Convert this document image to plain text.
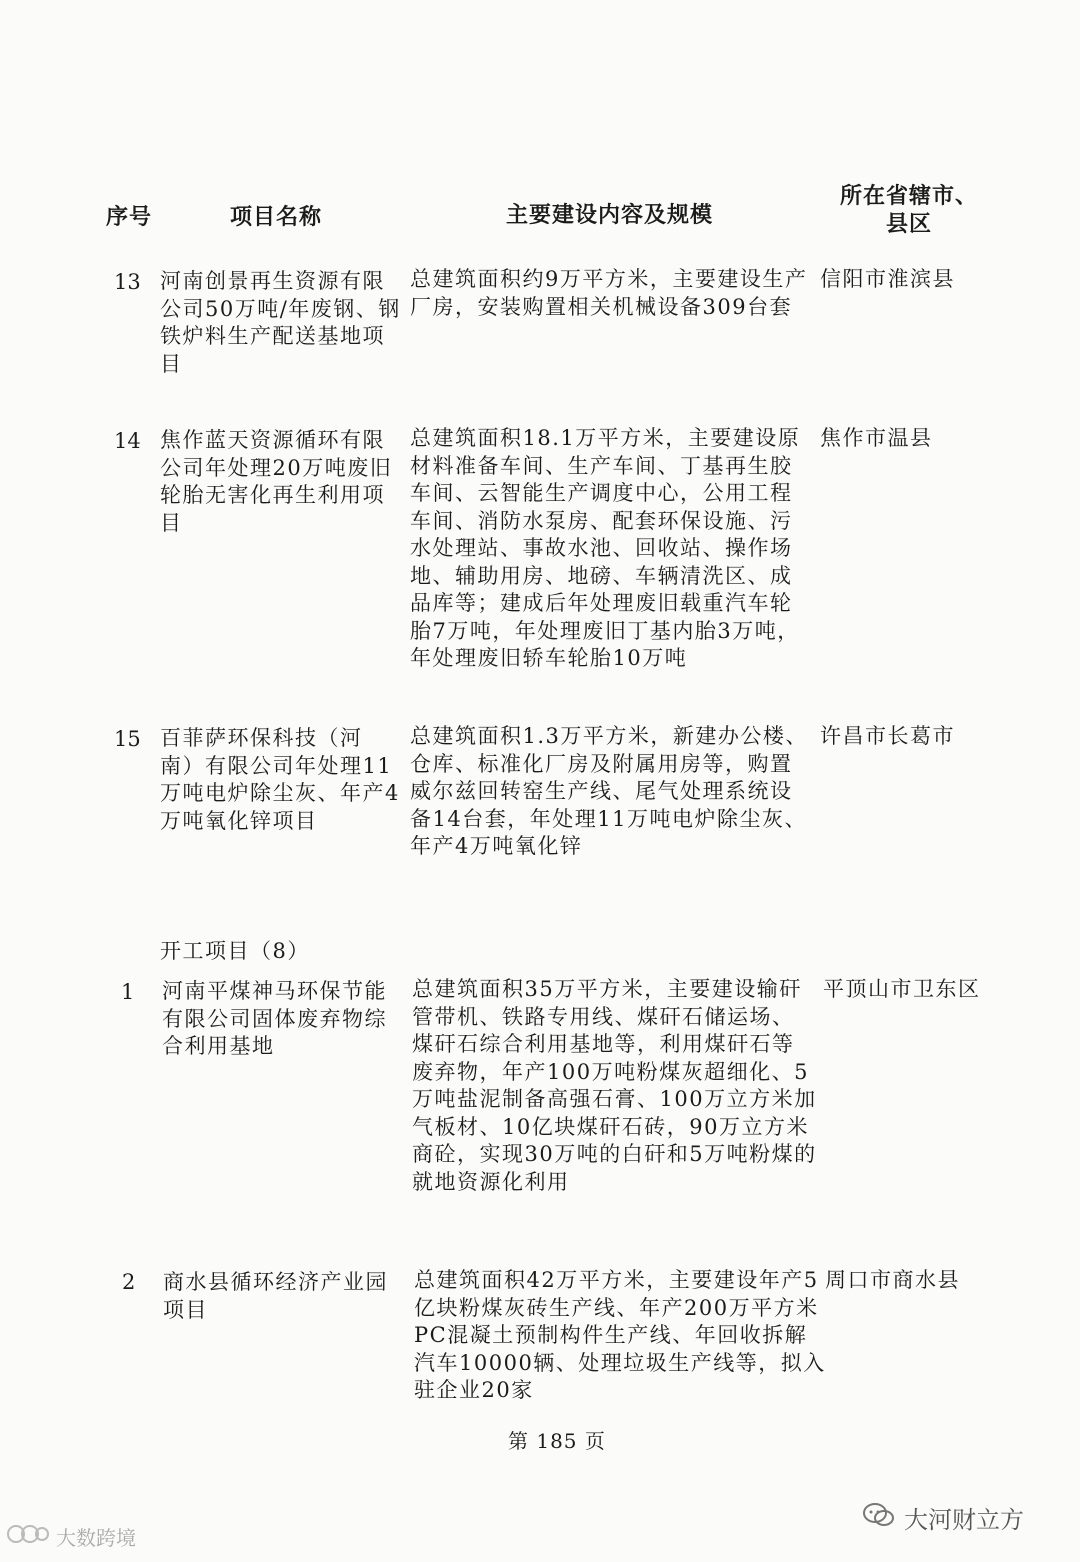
序号	项目名称	主要建设内容及规模
所在省辖市、
县区
13 河南创景再生资源有限
公司50万吨/年废钢、钢
铁炉料生产配送基地项
目
总建筑面积约9万平方米，主要建设生产
厂房，安装购置相关机械设备309台套
信阳市淮滨县
14 焦作蓝天资源循环有限
公司年处理20万吨废旧
轮胎无害化再生利用项
目
总建筑面积18.1万平方米，主要建设原
材料准备车间、生产车间、丁基再生胶
车间、云智能生产调度中心，公用工程
车间、消防水泵房、配套环保设施、污
水处理站、事故水池、回收站、操作场
地、辅助用房、地磅、车辆清洗区、成
品库等；建成后年处理废旧载重汽车轮
胎7万吨，年处理废旧丁基内胎3万吨，
年处理废旧轿车轮胎10万吨
焦作市温县
15 百菲萨环保科技（河
南）有限公司年处理11
万吨电炉除尘灰、年产4
万吨氧化锌项目
总建筑面积1.3万平方米，新建办公楼、
仓库、标准化厂房及附属用房等，购置
威尔兹回转窑生产线、尾气处理系统设
备14台套，年处理11万吨电炉除尘灰、
年产4万吨氧化锌
许昌市长葛市
开工项目（8）
1 河南平煤神马环保节能
有限公司固体废弃物综
合利用基地
总建筑面积35万平方米，主要建设输矸
管带机、铁路专用线、煤矸石储运场、
煤矸石综合利用基地等，利用煤矸石等
废弃物，年产100万吨粉煤灰超细化、5
万吨盐泥制备高强石膏、100万立方米加
气板材、10亿块煤矸石砖，90万立方米
商砼，实现30万吨的白矸和5万吨粉煤的
就地资源化利用
平顶山市卫东区
2 商水县循环经济产业园
项目
总建筑面积42万平方米，主要建设年产5
亿块粉煤灰砖生产线、年产200万平方米
PC混凝土预制构件生产线、年回收拆解
汽车10000辆、处理垃圾生产线等，拟入
驻企业20家
周口市商水县
第 185 页
大河财立方
大数跨境
